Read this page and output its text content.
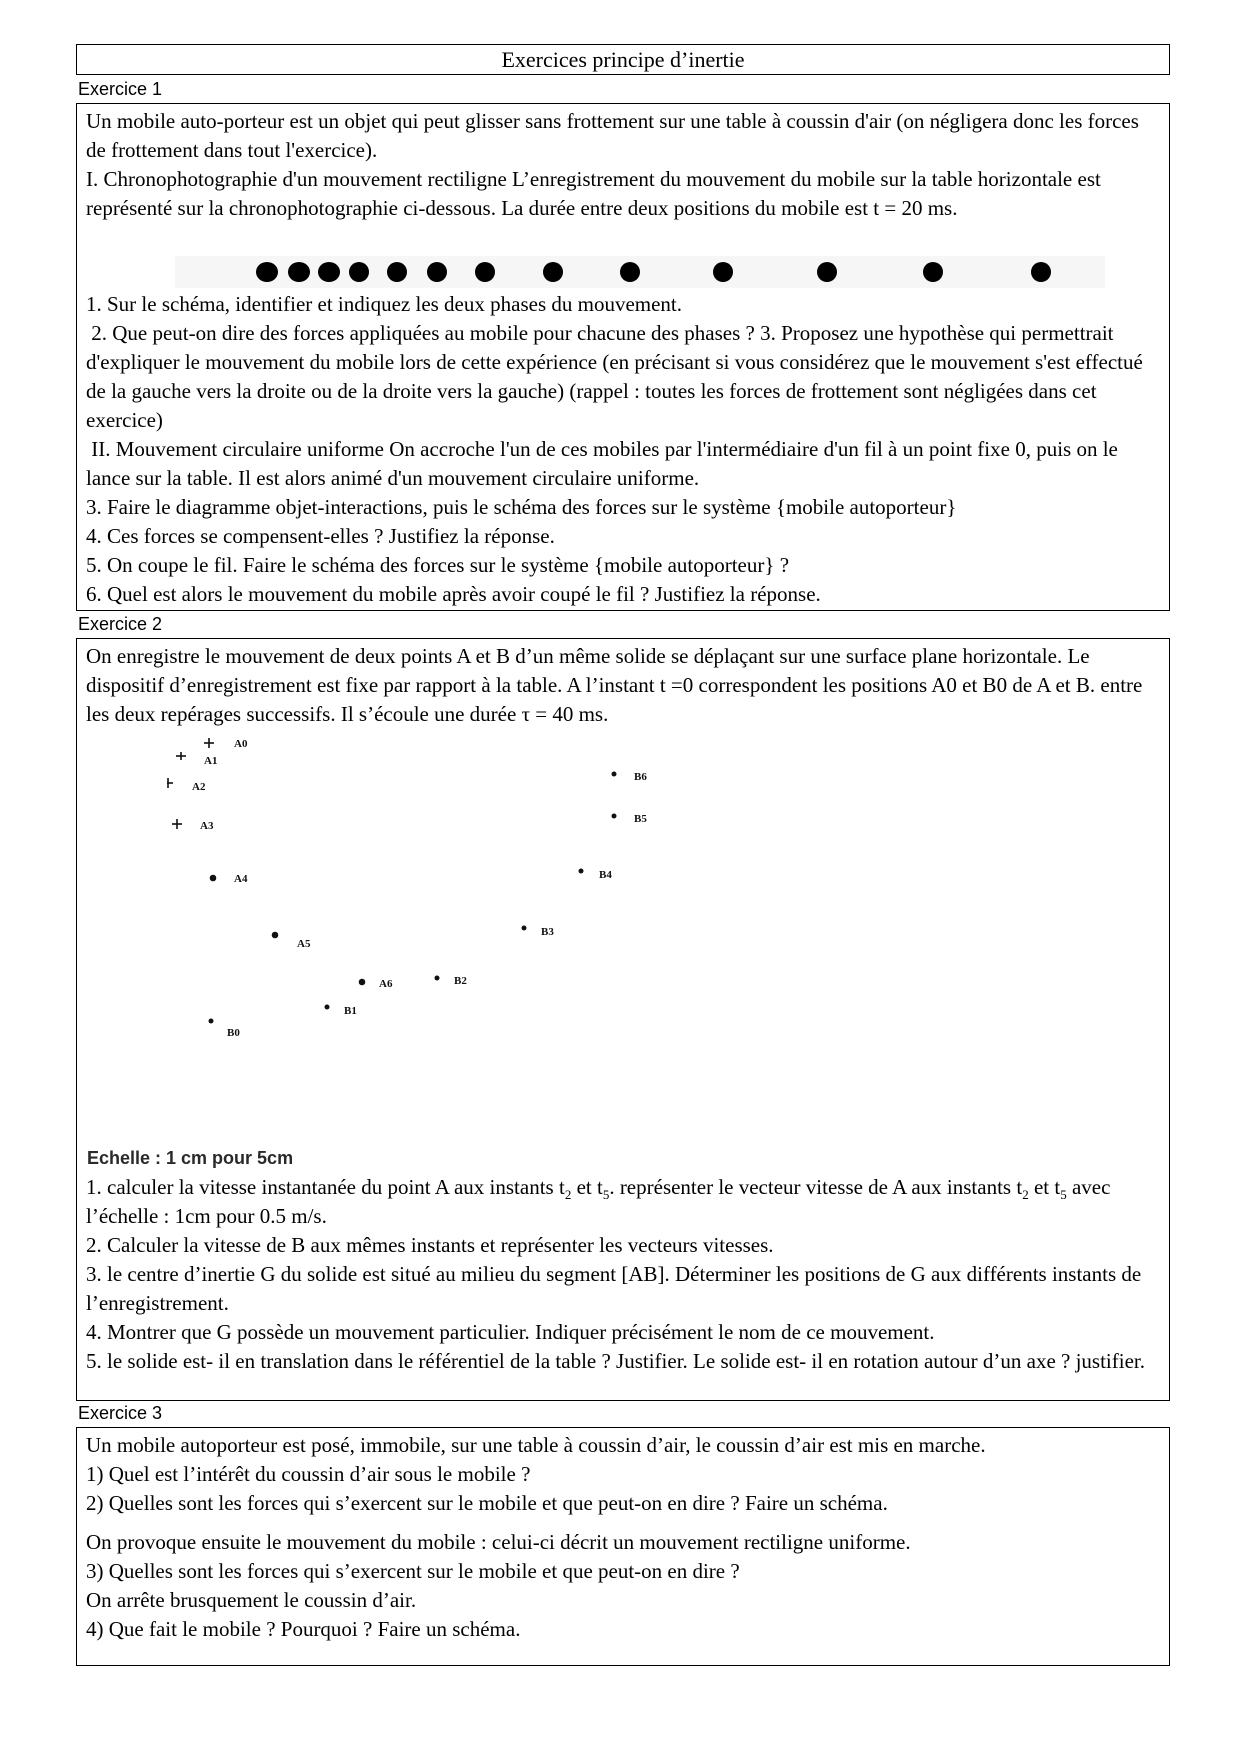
Exercices principe d’inertie
Exercice 1

Un mobile auto-porteur est un objet qui peut glisser sans frottement sur une table à coussin d'air (on négligera donc les forces de frottement dans tout l'exercice).

I. Chronophotographie d'un mouvement rectiligne L’enregistrement du mouvement du mobile sur la table horizontale est représenté sur la chronophotographie ci-dessous. La durée entre deux positions du mobile est t = 20 ms.

1. Sur le schéma, identifier et indiquez les deux phases du mouvement.

2. Que peut-on dire des forces appliquées au mobile pour chacune des phases ? 3. Proposez une hypothèse qui permettrait d'expliquer le mouvement du mobile lors de cette expérience (en précisant si vous considérez que le mouvement s'est effectué de la gauche vers la droite ou de la droite vers la gauche) (rappel : toutes les forces de frottement sont négligées dans cet exercice)

II. Mouvement circulaire uniforme On accroche l'un de ces mobiles par l'intermédiaire d'un fil à un point fixe 0, puis on le lance sur la table. Il est alors animé d'un mouvement circulaire uniforme.

3. Faire le diagramme objet-interactions, puis le schéma des forces sur le système {mobile autoporteur}

4. Ces forces se compensent-elles ? Justifiez la réponse.

5. On coupe le fil. Faire le schéma des forces sur le système {mobile autoporteur} ?

6. Quel est alors le mouvement du mobile après avoir coupé le fil ? Justifiez la réponse.

Exercice 2

On enregistre le mouvement de deux points A et B d’un même solide se déplaçant sur une surface plane horizontale. Le dispositif d’enregistrement est fixe par rapport à la table. A l’instant t =0 correspondent les positions A0 et B0 de A et B. entre les deux repérages successifs. Il s’écoule une durée τ = 40 ms.

A0
A1
A2
A3
A4
A5
A6
B0
B1
B2
B3
B4
B5
B6
Echelle : 1 cm pour 5cm

1. calculer la vitesse instantanée du point A aux instants $t_2$ et $t_5$. représenter le vecteur vitesse de A aux instants $t_2$ et $t_5$ avec l’échelle : 1cm pour 0.5 m/s.

2. Calculer la vitesse de B aux mêmes instants et représenter les vecteurs vitesses.

3. le centre d’inertie G du solide est situé au milieu du segment [AB]. Déterminer les positions de G aux différents instants de l’enregistrement.

4. Montrer que G possède un mouvement particulier. Indiquer précisément le nom de ce mouvement.

5. le solide est- il en translation dans le référentiel de la table ? Justifier. Le solide est- il en rotation autour d’un axe ? justifier.

Exercice 3

Un mobile autoporteur est posé, immobile, sur une table à coussin d’air, le coussin d’air est mis en marche.

1) Quel est l’intérêt du coussin d’air sous le mobile ?

2) Quelles sont les forces qui s’exercent sur le mobile et que peut-on en dire ? Faire un schéma.

On provoque ensuite le mouvement du mobile : celui-ci décrit un mouvement rectiligne uniforme.

3) Quelles sont les forces qui s’exercent sur le mobile et que peut-on en dire ?

On arrête brusquement le coussin d’air.

4) Que fait le mobile ? Pourquoi ? Faire un schéma.
